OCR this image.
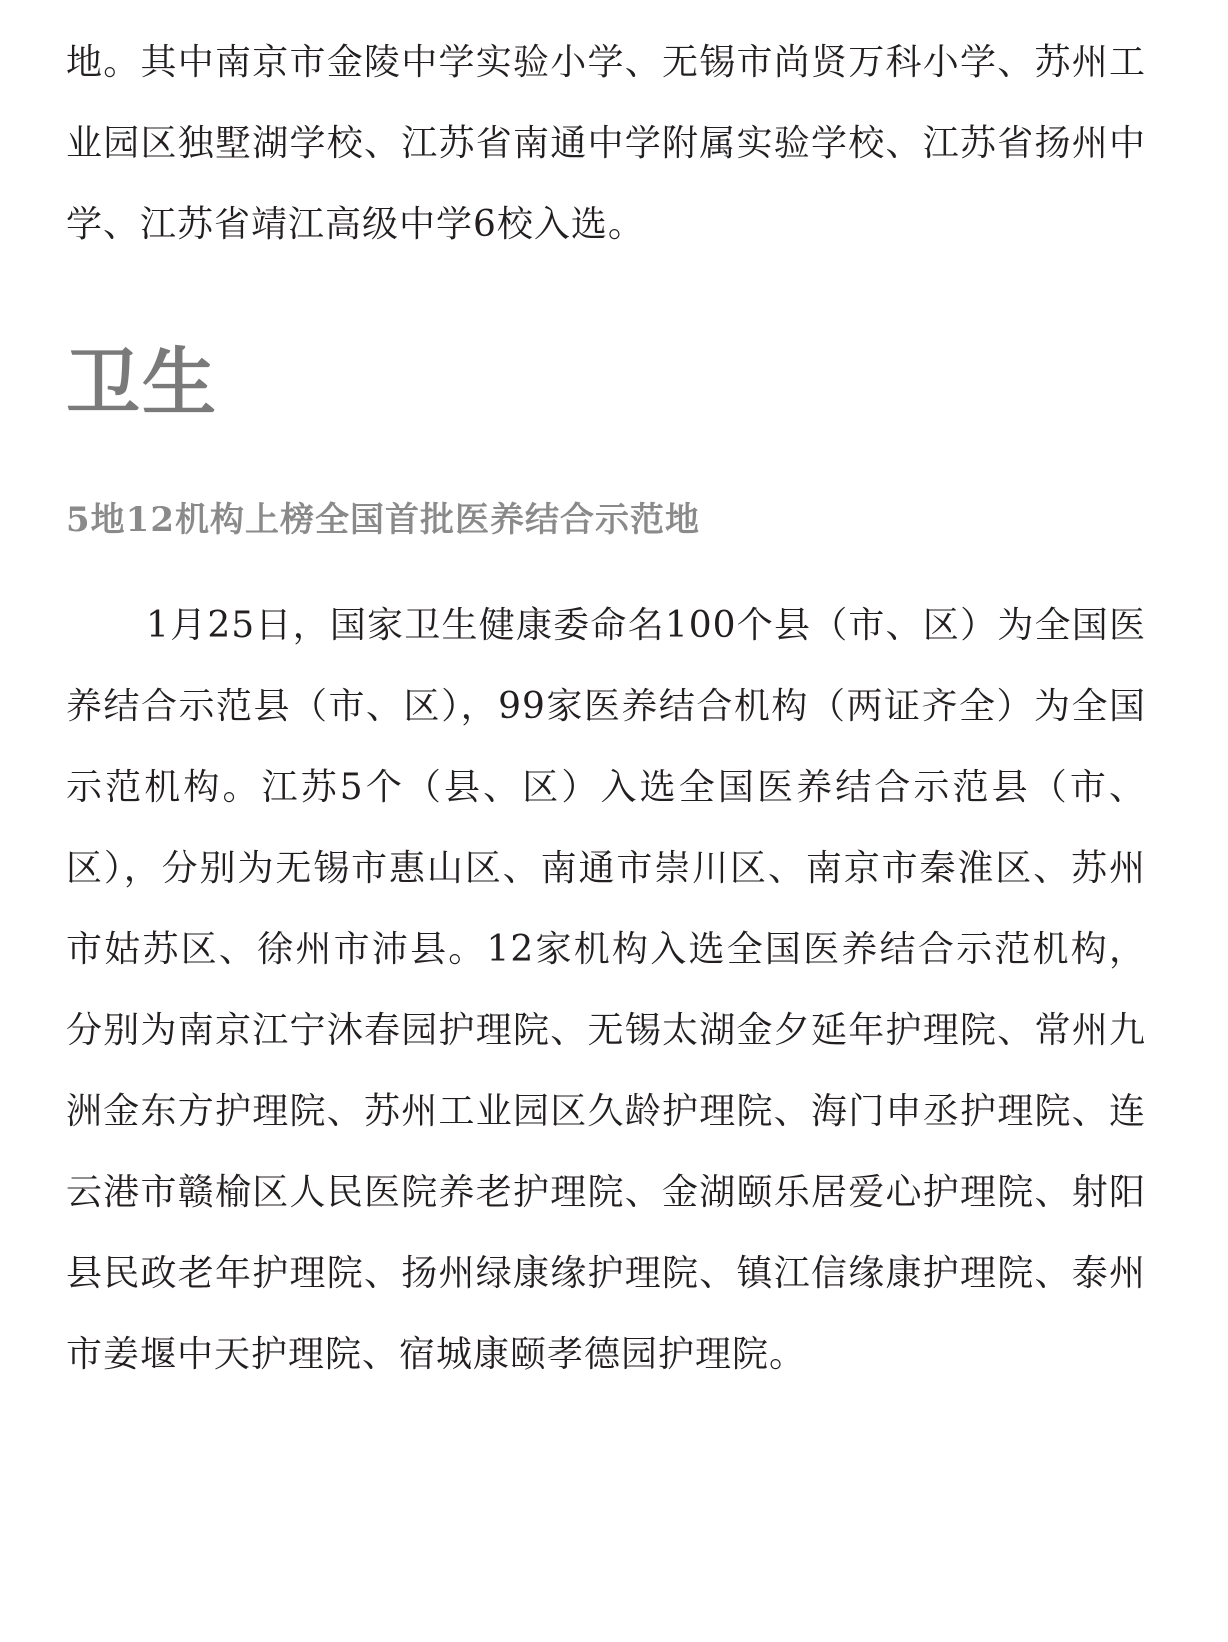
地。其中南京市金陵中学实验小学、无锡市尚贤万科小学、苏州工业园区独墅湖学校、江苏省南通中学附属实验学校、江苏省扬州中学、江苏省靖江高级中学6校入选。

卫生
5地12机构上榜全国首批医养结合示范地

1月25日，国家卫生健康委命名100个县（市、区）为全国医养结合示范县（市、区），99家医养结合机构（两证齐全）为全国示范机构。江苏5个（县、区）入选全国医养结合示范县（市、区），分别为无锡市惠山区、南通市崇川区、南京市秦淮区、苏州市姑苏区、徐州市沛县。12家机构入选全国医养结合示范机构，分别为南京江宁沐春园护理院、无锡太湖金夕延年护理院、常州九洲金东方护理院、苏州工业园区久龄护理院、海门申丞护理院、连云港市赣榆区人民医院养老护理院、金湖颐乐居爱心护理院、射阳县民政老年护理院、扬州绿康缘护理院、镇江信缘康护理院、泰州市姜堰中天护理院、宿城康颐孝德园护理院。
